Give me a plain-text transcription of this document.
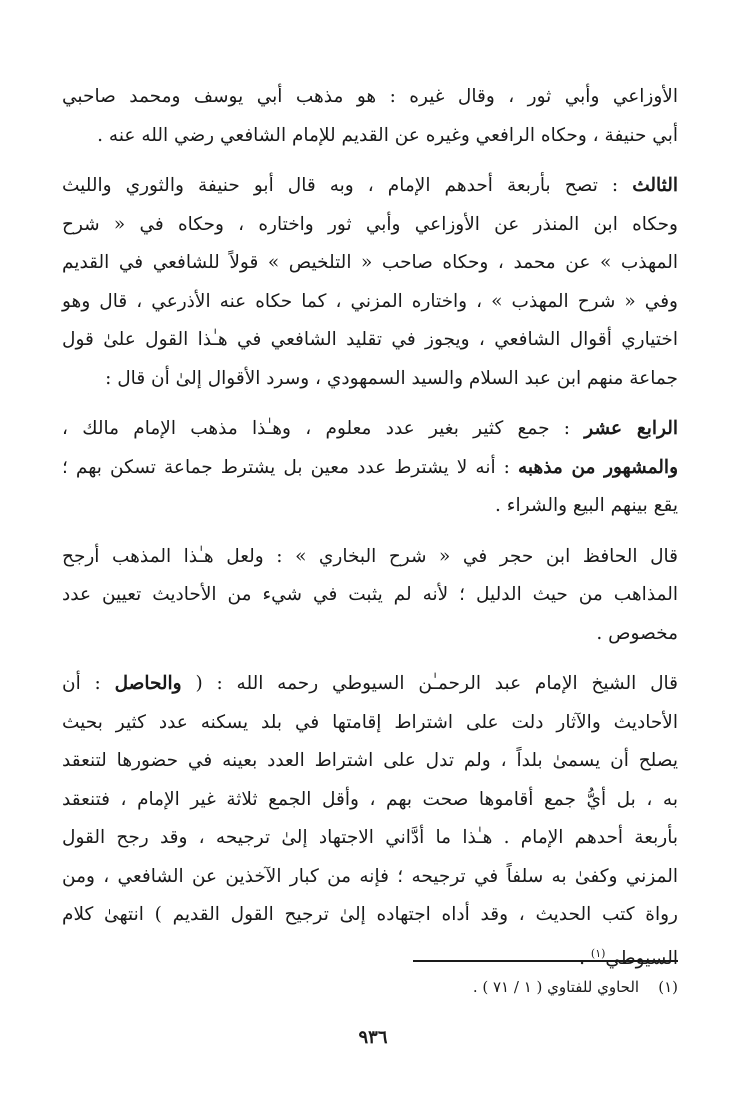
الأوزاعي وأبي ثور ، وقال غيره : هو مذهب أبي يوسف ومحمد صاحبي
أبي حنيفة ، وحكاه الرافعي وغيره عن القديم للإمام الشافعي رضي الله عنه .
الثالث : تصح بأربعة أحدهم الإمام ، وبه قال أبو حنيفة والثوري والليث
وحكاه ابن المنذر عن الأوزاعي وأبي ثور واختاره ، وحكاه في « شرح
المهذب » عن محمد ، وحكاه صاحب « التلخيص » قولاً للشافعي في القديم
وفي « شرح المهذب » ، واختاره المزني ، كما حكاه عنه الأذرعي ، قال وهو
اختياري أقوال الشافعي ، ويجوز في تقليد الشافعي في هـٰذا القول علىٰ قول
جماعة منهم ابن عبد السلام والسيد السمهودي ، وسرد الأقوال إلىٰ أن قال :
الرابع عشر : جمع كثير بغير عدد معلوم ، وهـٰذا مذهب الإمام مالك ،
والمشهور من مذهبه : أنه لا يشترط عدد معين بل يشترط جماعة تسكن بهم ؛
يقع بينهم البيع والشراء .
قال الحافظ ابن حجر في « شرح البخاري » : ولعل هـٰذا المذهب أرجح
المذاهب من حيث الدليل ؛ لأنه لم يثبت في شيء من الأحاديث تعيين عدد
مخصوص .
قال الشيخ الإمام عبد الرحمـٰن السيوطي رحمه الله : ( والحاصل : أن
الأحاديث والآثار دلت على اشتراط إقامتها في بلد يسكنه عدد كثير بحيث
يصلح أن يسمىٰ بلداً ، ولم تدل على اشتراط العدد بعينه في حضورها لتنعقد
به ، بل أيُّ جمع أقاموها صحت بهم ، وأقل الجمع ثلاثة غير الإمام ، فتنعقد
بأربعة أحدهم الإمام . هـٰذا ما أدَّاني الاجتهاد إلىٰ ترجيحه ، وقد رجح القول
المزني وكفىٰ به سلفاً في ترجيحه ؛ فإنه من كبار الآخذين عن الشافعي ، ومن
رواة كتب الحديث ، وقد أداه اجتهاده إلىٰ ترجيح القول القديم ) انتهىٰ كلام
السيوطي$^{(١)}$ .
(١)    الحاوي للفتاوي ( ١ / ٧١ ) .
٩٣٦
